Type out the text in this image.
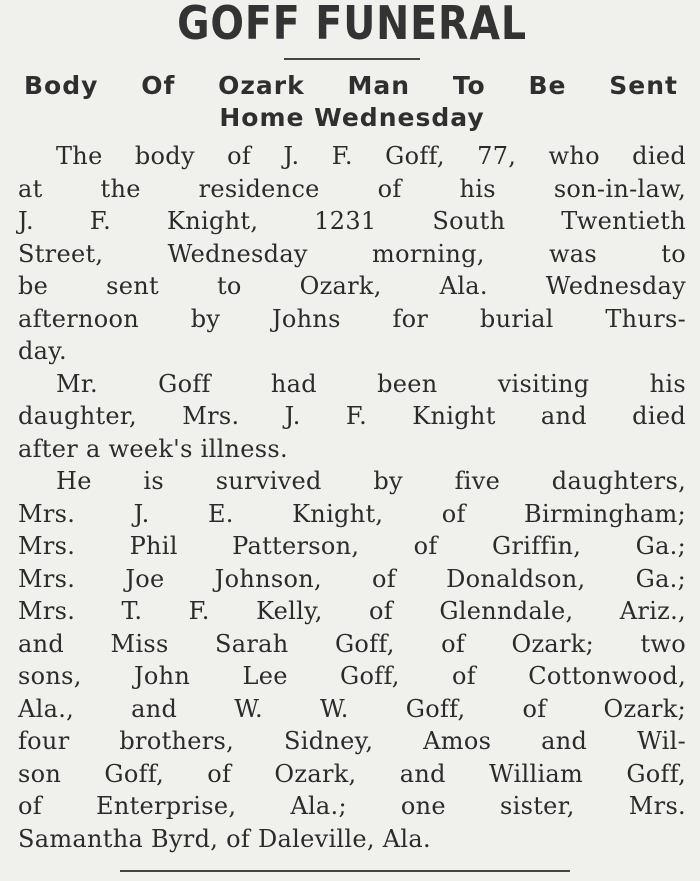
GOFF FUNERAL
Body Of Ozark Man To Be Sent
Home Wednesday
The body of J. F. Goff, 77, who died
at the residence of his son-in-law,
J. F. Knight, 1231 South Twentieth
Street, Wednesday morning, was to
be sent to Ozark, Ala. Wednesday
afternoon by Johns for burial Thurs-
day.
Mr. Goff had been visiting his
daughter, Mrs. J. F. Knight and died
after a week's illness.
He is survived by five daughters,
Mrs. J. E. Knight, of Birmingham;
Mrs. Phil Patterson, of Griffin, Ga.;
Mrs. Joe Johnson, of Donaldson, Ga.;
Mrs. T. F. Kelly, of Glenndale, Ariz.,
and Miss Sarah Goff, of Ozark; two
sons, John Lee Goff, of Cottonwood,
Ala., and W. W. Goff, of Ozark;
four brothers, Sidney, Amos and Wil-
son Goff, of Ozark, and William Goff,
of Enterprise, Ala.; one sister, Mrs.
Samantha Byrd, of Daleville, Ala.
